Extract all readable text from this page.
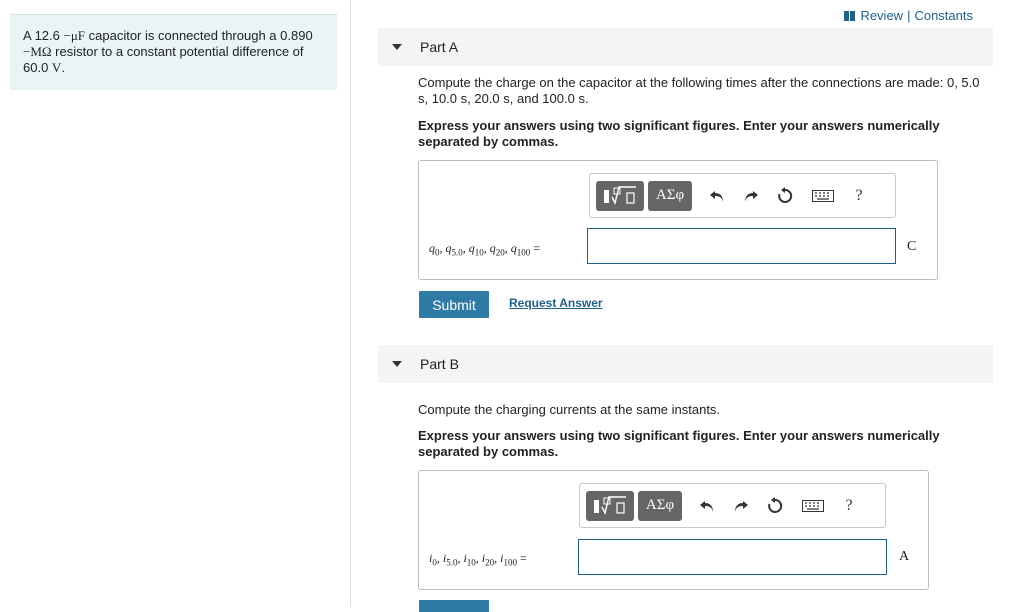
A 12.6 −μF capacitor is connected through a 0.890 −MΩ resistor to a constant potential difference of 60.0 V.
Review | Constants
Part A
Compute the charge on the capacitor at the following times after the connections are made: 0, 5.0 s, 10.0 s, 20.0 s, and 100.0 s.
Express your answers using two significant figures. Enter your answers numerically separated by commas.
ΑΣφ	?
$q_0$, $q_{5.0}$, $q_{10}$, $q_{20}$, $q_{100}$ =	C
Submit	Request Answer
Part B
Compute the charging currents at the same instants.
Express your answers using two significant figures. Enter your answers numerically separated by commas.
ΑΣφ	?
$i_0$, $i_{5.0}$, $i_{10}$, $i_{20}$, $i_{100}$ =	A
